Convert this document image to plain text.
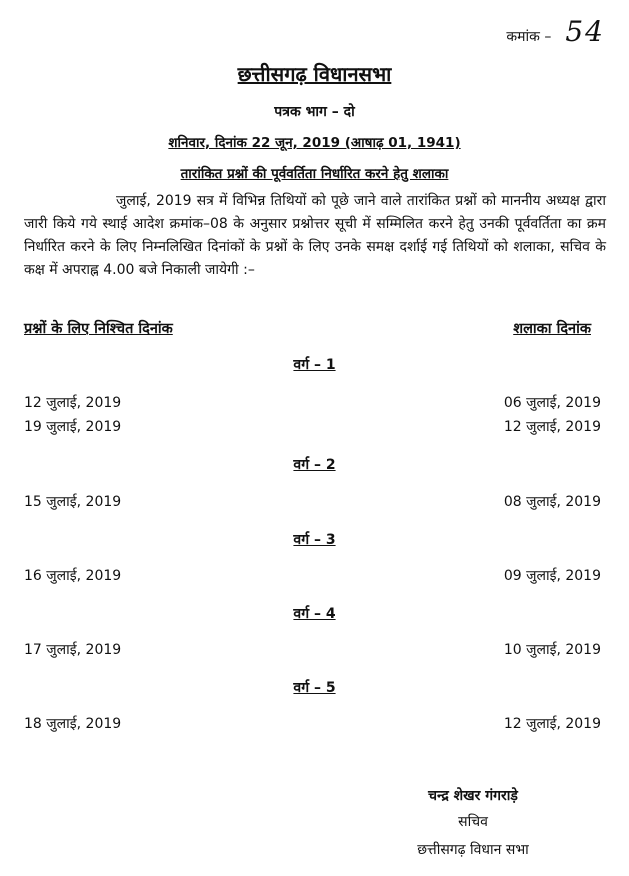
कमांक – 54
छत्तीसगढ़ विधानसभा
पत्रक भाग – दो
शनिवार, दिनांक 22 जून, 2019 (आषाढ़ 01, 1941)
तारांकित प्रश्नों की पूर्ववर्तिता निर्धारित करने हेतु शलाका
जुलाई, 2019 सत्र में विभिन्न तिथियों को पूछे जाने वाले तारांकित प्रश्नों को माननीय अध्यक्ष द्वारा जारी किये गये स्थाई आदेश क्रमांक–08 के अनुसार प्रश्नोत्तर सूची में सम्मिलित करने हेतु उनकी पूर्ववर्तिता का क्रम निर्धारित करने के लिए निम्नलिखित दिनांकों के प्रश्नों के लिए उनके समक्ष दर्शाई गई तिथियों को शलाका, सचिव के कक्ष में अपराह्न 4.00 बजे निकाली जायेगी :–
प्रश्नों के लिए निश्चित दिनांक	शलाका दिनांक
वर्ग – 1
12 जुलाई, 2019	06 जुलाई, 2019
19 जुलाई, 2019	12 जुलाई, 2019
वर्ग – 2
15 जुलाई, 2019	08 जुलाई, 2019
वर्ग – 3
16 जुलाई, 2019	09 जुलाई, 2019
वर्ग – 4
17 जुलाई, 2019	10 जुलाई, 2019
वर्ग – 5
18 जुलाई, 2019	12 जुलाई, 2019
चन्द्र शेखर गंगराड़े
सचिव
छत्तीसगढ़ विधान सभा
